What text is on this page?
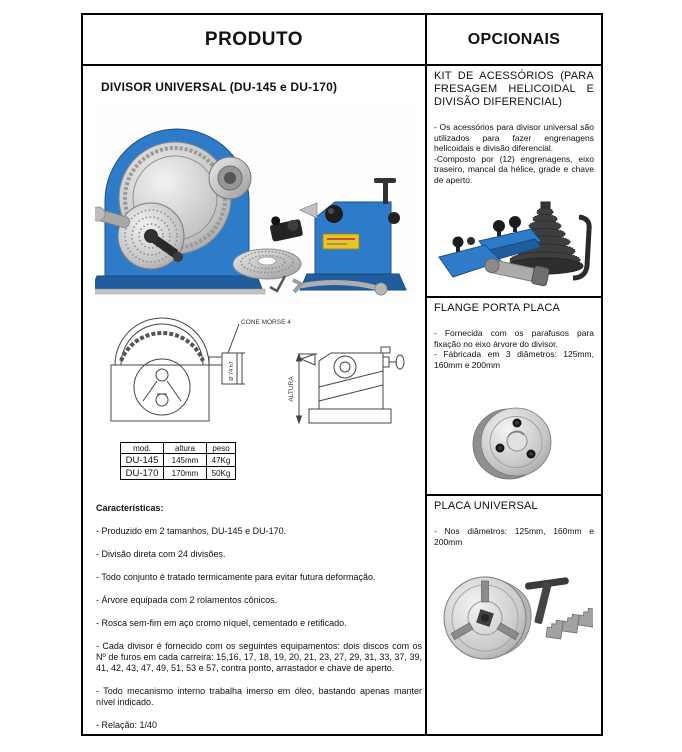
PRODUTO	OPCIONAIS
DIVISOR UNIVERSAL (DU-145 e DU-170)
CONE MORSE 4
Ø 74 h7
ALTURA
mod.	altura	peso
DU-145	145mm	47Kg
DU-170	170mm	50Kg

Características:

- Produzido em 2 tamanhos, DU-145 e DU-170.

- Divisão direta com 24 divisões.

- Todo conjunto é tratado termicamente para evitar futura deformação.

- Árvore equipada com 2 rolamentos cônicos.

- Rosca sem-fim em aço cromo níquel, cementado e retificado.

- Cada divisor é fornecido com os seguintes equipamentos: dois discos com os Nº de furos em cada carreira: 15,16, 17, 18, 19, 20, 21, 23, 27, 29, 31, 33, 37, 39, 41, 42, 43, 47, 49, 51, 53 e 57, contra ponto, arrastador e chave de aperto.

- Todo mecanismo interno trabalha imerso em óleo, bastando apenas manter nível indicado.

- Relação: 1/40

KIT DE ACESSÓRIOS (PARA FRESAGEM HELICOIDAL E DIVISÃO DIFERENCIAL)

- Os acessórios para divisor universal são utilizados para fazer engrenagens helicoidais e divisão diferencial.

-Composto por (12) engrenagens, eixo traseiro, mancal da hélice, grade e chave de aperto.

FLANGE PORTA PLACA

- Fornecida com os parafusos para fixação no eixo árvore do divisor.

- Fábricada em 3 diâmetros: 125mm, 160mm e 200mm

PLACA UNIVERSAL

- Nos diâmetros: 125mm, 160mm e 200mm
